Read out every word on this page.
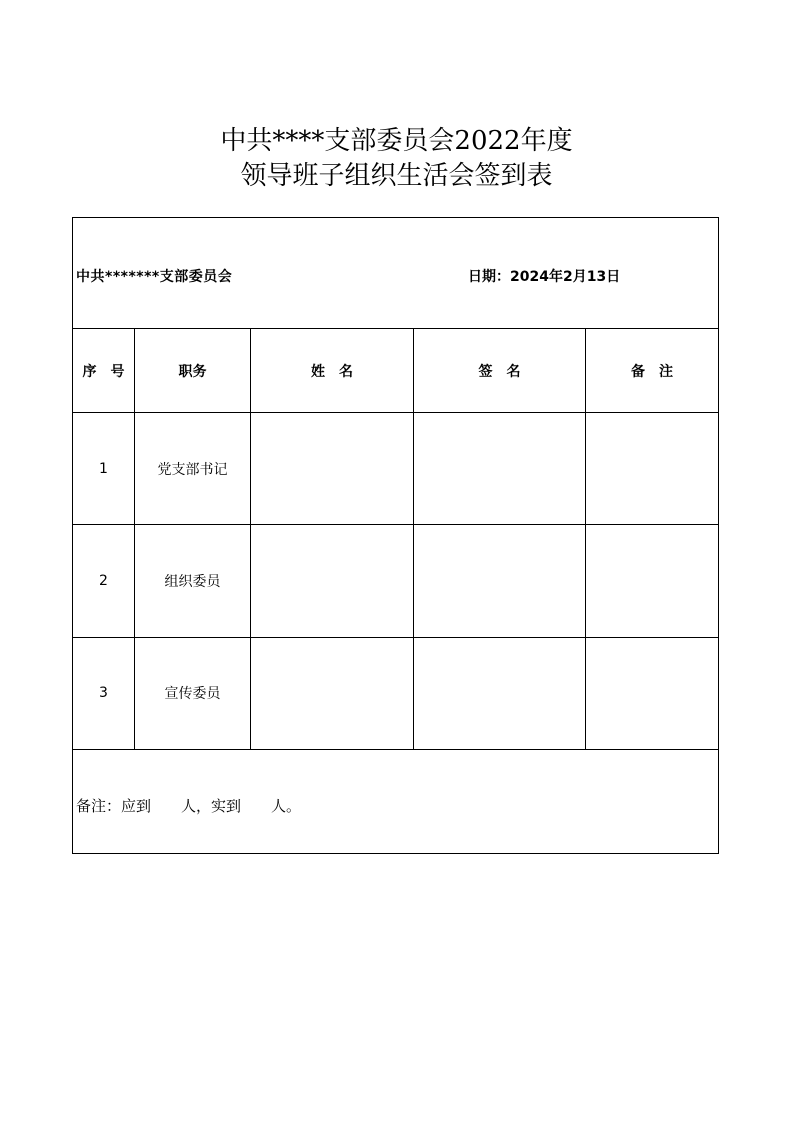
中共****支部委员会2022年度
领导班子组织生活会签到表
中共*******支部委员会 日期：2024年2月13日				

序　号	职务	姓　名	签　名	备　注
1	党支部书记			
2	组织委员			
3	宣传委员			

备注：应到　　人，实到　　人。				
